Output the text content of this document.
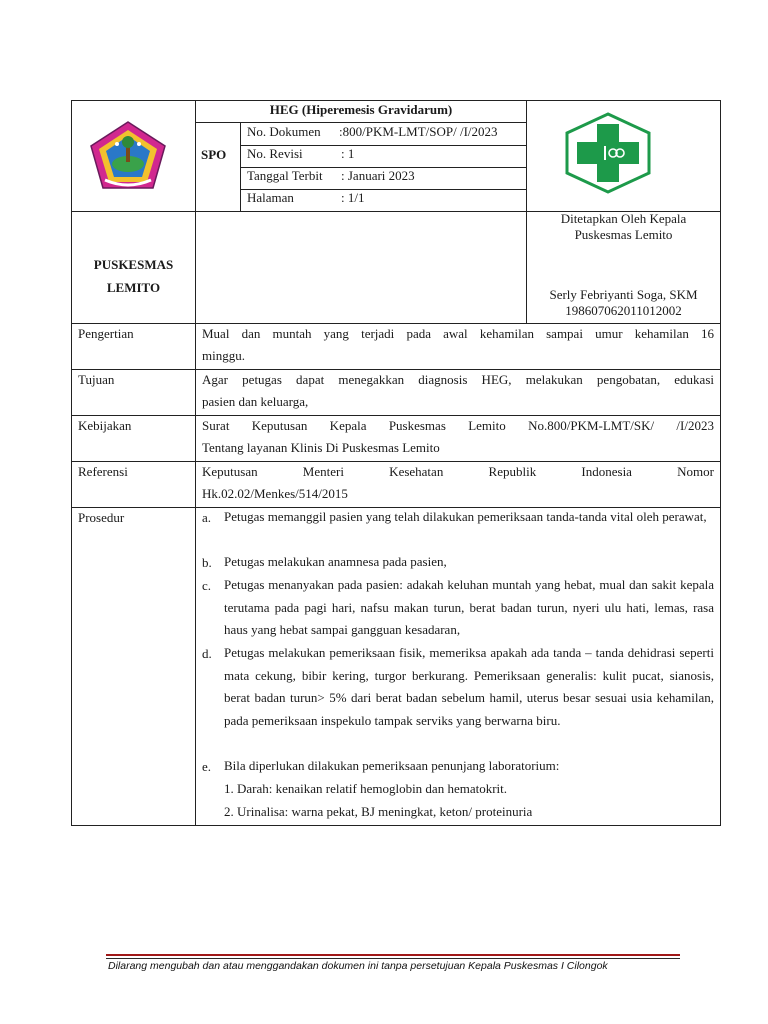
HEG (Hiperemesis Gravidarum)
SPO
No. Dokumen :800/PKM-LMT/SOP/ /I/2023
No. Revisi	: 1
Tanggal Terbit : Januari 2023
Halaman	: 1/1
PUSKESMAS
LEMITO
Ditetapkan Oleh Kepala
Puskesmas Lemito
Serly Febriyanti Soga, SKM
198607062011012002
Pengertian	Mual dan muntah yang terjadi pada awal kehamilan sampai umur kehamilan 16
minggu.
Tujuan	Agar petugas dapat menegakkan diagnosis HEG, melakukan pengobatan, edukasi
pasien dan keluarga,
Kebijakan	Surat Keputusan Kepala Puskesmas Lemito No.800/PKM-LMT/SK/ /I/2023
Tentang layanan Klinis Di Puskesmas Lemito
Referensi	Keputusan Menteri Kesehatan Republik Indonesia Nomor
Hk.02.02/Menkes/514/2015
Prosedur	a. Petugas memanggil pasien yang telah dilakukan pemeriksaan tanda-tanda vital oleh perawat,
b. Petugas melakukan anamnesa pada pasien,
c. Petugas menanyakan pada pasien: adakah keluhan muntah yang hebat, mual dan sakit kepala terutama pada pagi hari, nafsu makan turun, berat badan turun, nyeri ulu hati, lemas, rasa haus yang hebat sampai gangguan kesadaran,
d. Petugas melakukan pemeriksaan fisik, memeriksa apakah ada tanda – tanda dehidrasi seperti mata cekung, bibir kering, turgor berkurang. Pemeriksaan generalis: kulit pucat, sianosis, berat badan turun> 5% dari berat badan sebelum hamil, uterus besar sesuai usia kehamilan, pada pemeriksaan inspekulo tampak serviks yang berwarna biru.
e. Bila diperlukan dilakukan pemeriksaan penunjang laboratorium:
1. Darah: kenaikan relatif hemoglobin dan hematokrit.
2. Urinalisa: warna pekat, BJ meningkat, keton/ proteinuria
Dilarang mengubah dan atau menggandakan dokumen ini tanpa persetujuan Kepala Puskesmas I Cilongok
